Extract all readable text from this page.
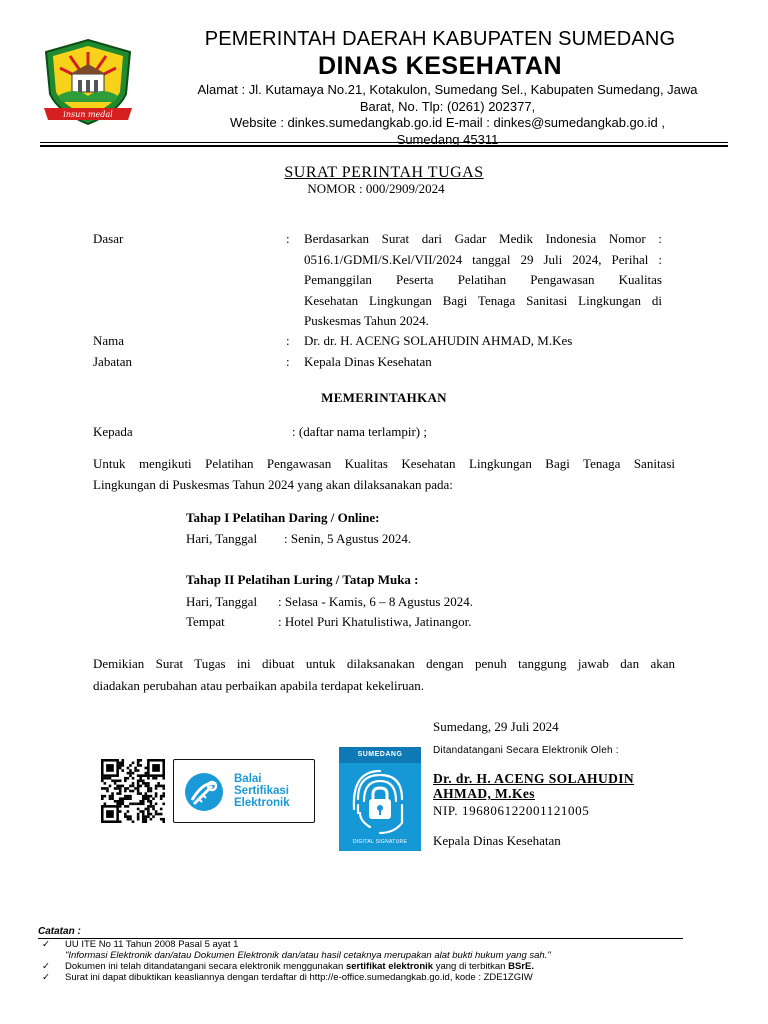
insun medal
PEMERINTAH DAERAH KABUPATEN SUMEDANG
DINAS KESEHATAN
Alamat : Jl. Kutamaya No.21, Kotakulon, Sumedang Sel., Kabupaten Sumedang, Jawa
Barat, No. Tlp: (0261) 202377,
Website : dinkes.sumedangkab.go.id E-mail : dinkes@sumedangkab.go.id ,
Sumedang 45311
SURAT PERINTAH TUGAS
NOMOR : 000/2909/2024
Dasar	: Berdasarkan Surat dari Gadar Medik Indonesia Nomor :
0516.1/GDMI/S.Kel/VII/2024 tanggal 29 Juli 2024, Perihal :
Pemanggilan Peserta Pelatihan Pengawasan Kualitas
Kesehatan Lingkungan Bagi Tenaga Sanitasi Lingkungan di
Puskesmas Tahun 2024.
Nama	: Dr. dr. H. ACENG SOLAHUDIN AHMAD, M.Kes
Jabatan	: Kepala Dinas Kesehatan
MEMERINTAHKAN
Kepada	: (daftar nama terlampir) ;
Untuk mengikuti Pelatihan Pengawasan Kualitas Kesehatan Lingkungan Bagi Tenaga Sanitasi
Lingkungan di Puskesmas Tahun 2024 yang akan dilaksanakan pada:
Tahap I Pelatihan Daring / Online:
Hari, Tanggal : Senin, 5 Agustus 2024.
Tahap II Pelatihan Luring / Tatap Muka :
Hari, Tanggal : Selasa - Kamis, 6 – 8 Agustus 2024.
Tempat	: Hotel Puri Khatulistiwa, Jatinangor.
Demikian Surat Tugas ini dibuat untuk dilaksanakan dengan penuh tanggung jawab dan akan
diadakan perubahan atau perbaikan apabila terdapat kekeliruan.
Balai
Sertifikasi
Elektronik
SUMEDANG
DIGITAL SIGNATURE
Sumedang, 29 Juli 2024
Ditandatangani Secara Elektronik Oleh :
Dr. dr. H. ACENG SOLAHUDIN
AHMAD, M.Kes
NIP. 196806122001121005
Kepala Dinas Kesehatan
Catatan :
✓ UU ITE No 11 Tahun 2008 Pasal 5 ayat 1
"Informasi Elektronik dan/atau Dokumen Elektronik dan/atau hasil cetaknya merupakan alat bukti hukum yang sah."
✓ Dokumen ini telah ditandatangani secara elektronik menggunakan sertifikat elektronik yang di terbitkan BSrE.
✓ Surat ini dapat dibuktikan keasliannya dengan terdaftar di http://e-office.sumedangkab.go.id, kode : ZDE1ZGIW
